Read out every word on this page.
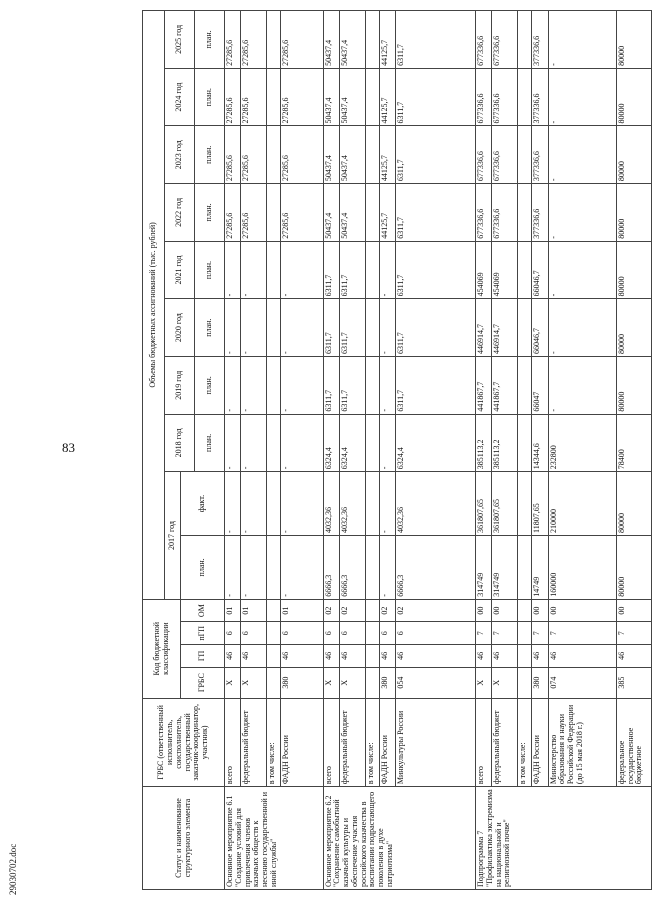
83
Статус и наименование структурного элемента	ГРБС (ответственный исполнитель, соисполнитель, государственный заказчик-координатор, участник)	Код бюджетной классификации				Объемы бюджетных ассигнований (тыс. рублей)									
						2017 год		2018 год	2019 год	2020 год	2021 год	2022 год	2023 год	2024 год	2025 год
		ГРБС	ГП	пГП	ОМ	план.	факт.								
								план.	план.	план.	план.	план.	план.	план.	план.
Основное мероприятие 6.1 "Создание условий для привлечения членов казачьих обществ к несению государственной и иной службы"	всего	X	46	6	01	-	-	-	-	-	-	27285,6	27285,6	27285,6	27285,6
	федеральный бюджет	X	46	6	01	-	-	-	-	-	-	27285,6	27285,6	27285,6	27285,6
	в том числе:														
	ФАДН России	380	46	6	01	-	-	-	-	-	-	27285,6	27285,6	27285,6	27285,6
Основное мероприятие 6.2 "Сохранение самобытной казачьей культуры и обеспечение участия российского казачества в воспитании подрастающего поколения в духе патриотизма"	всего	X	46	6	02	6666,3	4032,36	6324,4	6311,7	6311,7	6311,7	50437,4	50437,4	50437,4	50437,4
	федеральный бюджет	X	46	6	02	6666,3	4032,36	6324,4	6311,7	6311,7	6311,7	50437,4	50437,4	50437,4	50437,4
	в том числе:														
	ФАДН России	380	46	6	02	-	-	-	-	-	-	44125,7	44125,7	44125,7	44125,7
	Минкультуры России	054	46	6	02	6666,3	4032,36	6324,4	6311,7	6311,7	6311,7	6311,7	6311,7	6311,7	6311,7
Подпрограмма 7 "Профилактика экстремизма на национальной и религиозной почве"	всего	X	46	7	00	314749	361807,65	385113,2	441867,7	446914,7	454069	677336,6	677336,6	677336,6	677336,6
	федеральный бюджет	X	46	7	00	314749	361807,65	385113,2	441867,7	446914,7	454069	677336,6	677336,6	677336,6	677336,6
	в том числе:														
	ФАДН России	380	46	7	00	14749	11807,65	14344,6	66047	66046,7	66046,7	377336,6	377336,6	377336,6	377336,6
	Министерство образования и науки Российской Федерации (до 15 мая 2018 г.)	074	46	7	00	160000	210000	232800	-	-	-	-	-	-	-
	федеральное государственное бюджетное	385	46	7	00	80000	80000	78400	80000	80000	80000	80000	80000	80000	80000
29030702.doc
